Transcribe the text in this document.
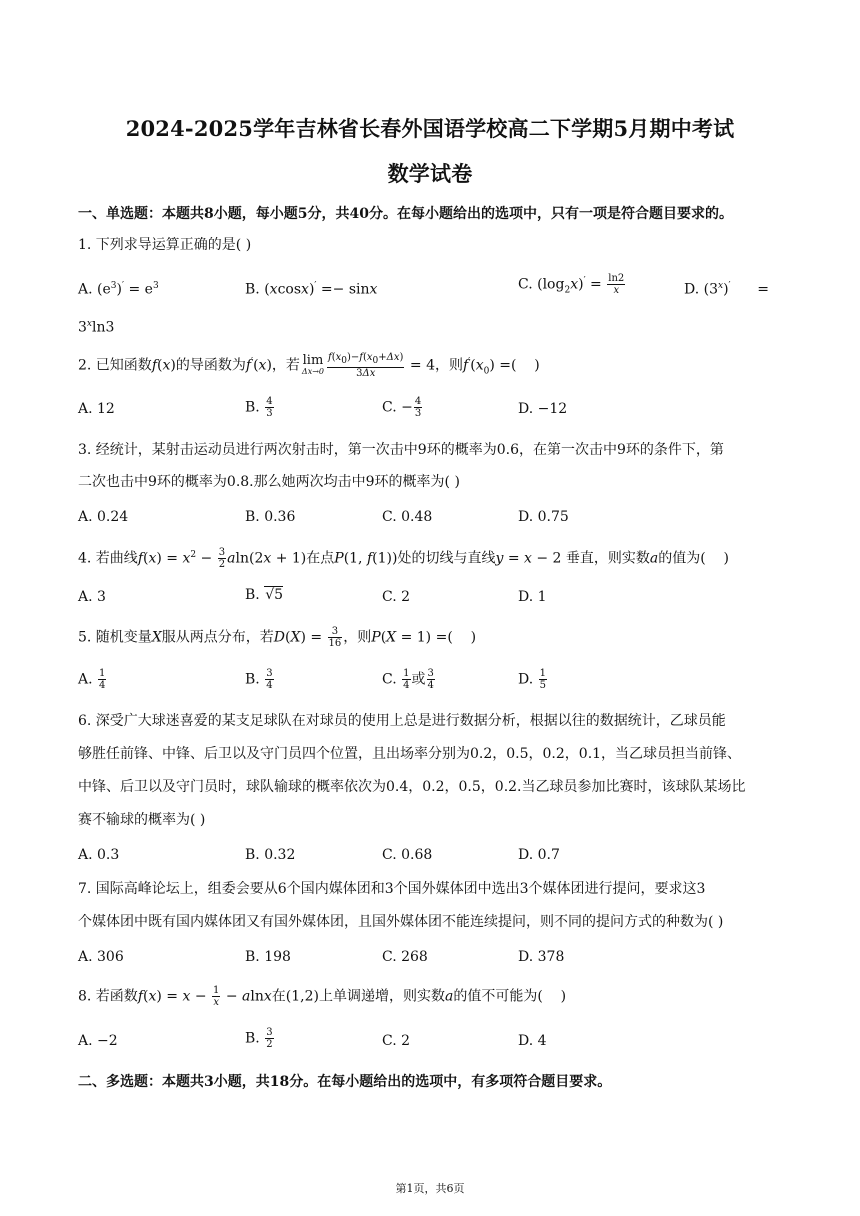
2024-2025学年吉林省长春外国语学校高二下学期5月期中考试
数学试卷
一、单选题：本题共8小题，每小题5分，共40分。在每小题给出的选项中，只有一项是符合题目要求的。
1. 下列求导运算正确的是( )
A. $(e^3)' = e^3$	B. (xcosx)′ =− sinx	C. $(\log_2x)' = \frac{\ln 2}{x}$	D. (3$^x$)′      =
$3^x\ln 3$
2. 已知函数f(x)的导函数为f′(x)，若 lim
$\Delta x\to 0 \frac{f(x0)-f(x0+\Delta x)}{3\Delta x} = 4$，则$f'(x_0)$ =(    )
A. 12	B. $\frac{4}{3}$	C. − $\frac{4}{3}$	D. −12
3. 经统计，某射击运动员进行两次射击时，第一次击中9环的概率为0.6，在第一次击中9环的条件下，第
二次也击中9环的概率为0.8.那么她两次均击中9环的概率为( )
A. 0.24	B. 0.36	C. 0.48	D. 0.75
4. 若曲线$f(x) = x^2 - \frac{3}{2} aln(2x + 1)$在点P(1, f(1))处的切线与直线y = x − 2 垂直，则实数a的值为(    )
A. 3	B. √5	C. 2	D. 1
5. 随机变量X服从两点分布，若$D(X) = \frac{3}{16}$ ，则P(X = 1) =(    )
A. $\frac{1}{4}$	B. $\frac{3}{4}$	C. $\frac{1}{4}$ 或 $\frac{3}{4}$	D. $\frac{1}{5}$
6. 深受广大球迷喜爱的某支足球队在对球员的使用上总是进行数据分析，根据以往的数据统计，乙球员能
够胜任前锋、中锋、后卫以及守门员四个位置，且出场率分别为0.2，0.5，0.2，0.1，当乙球员担当前锋、
中锋、后卫以及守门员时，球队输球的概率依次为0.4，0.2，0.5，0.2.当乙球员参加比赛时，该球队某场比
赛不输球的概率为( )
A. 0.3	B. 0.32	C. 0.68	D. 0.7
7. 国际高峰论坛上，组委会要从6个国内媒体团和3个国外媒体团中选出3个媒体团进行提问，要求这3
个媒体团中既有国内媒体团又有国外媒体团，且国外媒体团不能连续提问，则不同的提问方式的种数为( )
A. 306	B. 198	C. 268	D. 378
8. 若函数$f(x) = x - \frac{1}{x} - alnx$在(1,2)上单调递增，则实数a的值不可能为(    )
A. −2	B. $\frac{3}{2}$	C. 2	D. 4
二、多选题：本题共3小题，共18分。在每小题给出的选项中，有多项符合题目要求。
第1页，共6页
